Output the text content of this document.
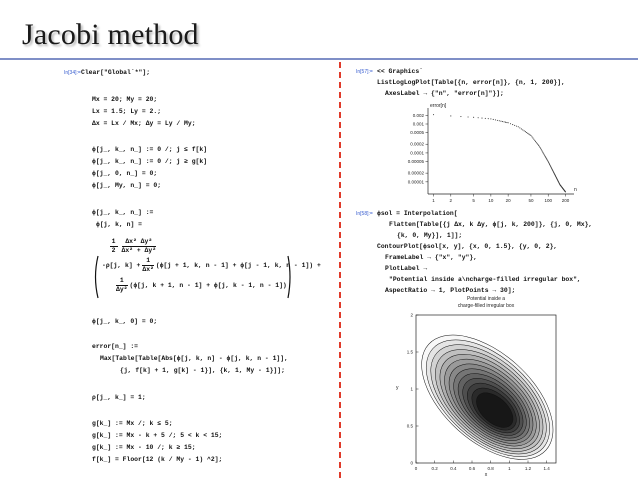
Jacobi method
In[34]:= Clear["Global`*"];
Mx = 20; My = 20;
Lx = 1.5; Ly = 2.;
Δx = Lx / Mx; Δy = Ly / My;
ϕ[j_, k_, n_] := 0 /; j ≤ f[k]
ϕ[j_, k_, n_] := 0 /; j ≥ g[k]
ϕ[j_, 0, n_] = 0;
ϕ[j_, My, n_] = 0;
ϕ[j_, k_, n_] :=
ϕ[j, k, n] =

$\frac{1}{2} \frac{\text{Δx² Δy²}}{\text{Δx² + Δy²}}$

-ρ[j, $k] + \frac{1}{\text{Δx²}} (\phi[j + 1$, k, n - 1] + ϕ[j - 1, k, n - 1]) +
$\frac{1}{\text{Δy²}} (\phi[j$, k + 1, n - 1] + ϕ[j, k - 1, n - 1])
ϕ[j_, k_, 0] = 0;
error[n_] :=
Max[Table[Table[Abs[ϕ[j, k, n] - ϕ[j, k, n - 1]],
{j, f[k] + 1, g[k] - 1}], {k, 1, My - 1}]];
ρ[j_, k_] = 1;
g[k_] := Mx /; k ≤ 5;
g[k_] := Mx - k + 5 /; 5 < k < 15;
g[k_] := Mx - 10 /; k ≥ 15;
f[k_] = Floor[12 (k / My - 1) ^2];
In[57]:= << Graphics`
ListLogLogPlot[Table[{n, error[n]}, {n, 1, 200}],
AxesLabel → {"n", "error[n]"}];
error[n]
n
1	2	5	10	20	50 100 200
0.002
0.001
0.0005
0.0002
0.0001
0.00005
0.00002
0.00001
In[58]:= ϕsol = Interpolation[
Flatten[Table[{j Δx, k Δy, ϕ[j, k, 200]}, {j, 0, Mx},
{k, 0, My}], 1]];
ContourPlot[ϕsol[x, y], {x, 0, 1.5}, {y, 0, 2},
FrameLabel → {"x", "y"},
PlotLabel →
"Potential inside a\ncharge-filled irregular box",
AspectRatio → 1, PlotPoints → 30];
Potential inside a
charge-filled irregular box
x
y
0	0.2	0.4	0.6	0.8	1	1.2	1.4
0
0.5
1
1.5
2
